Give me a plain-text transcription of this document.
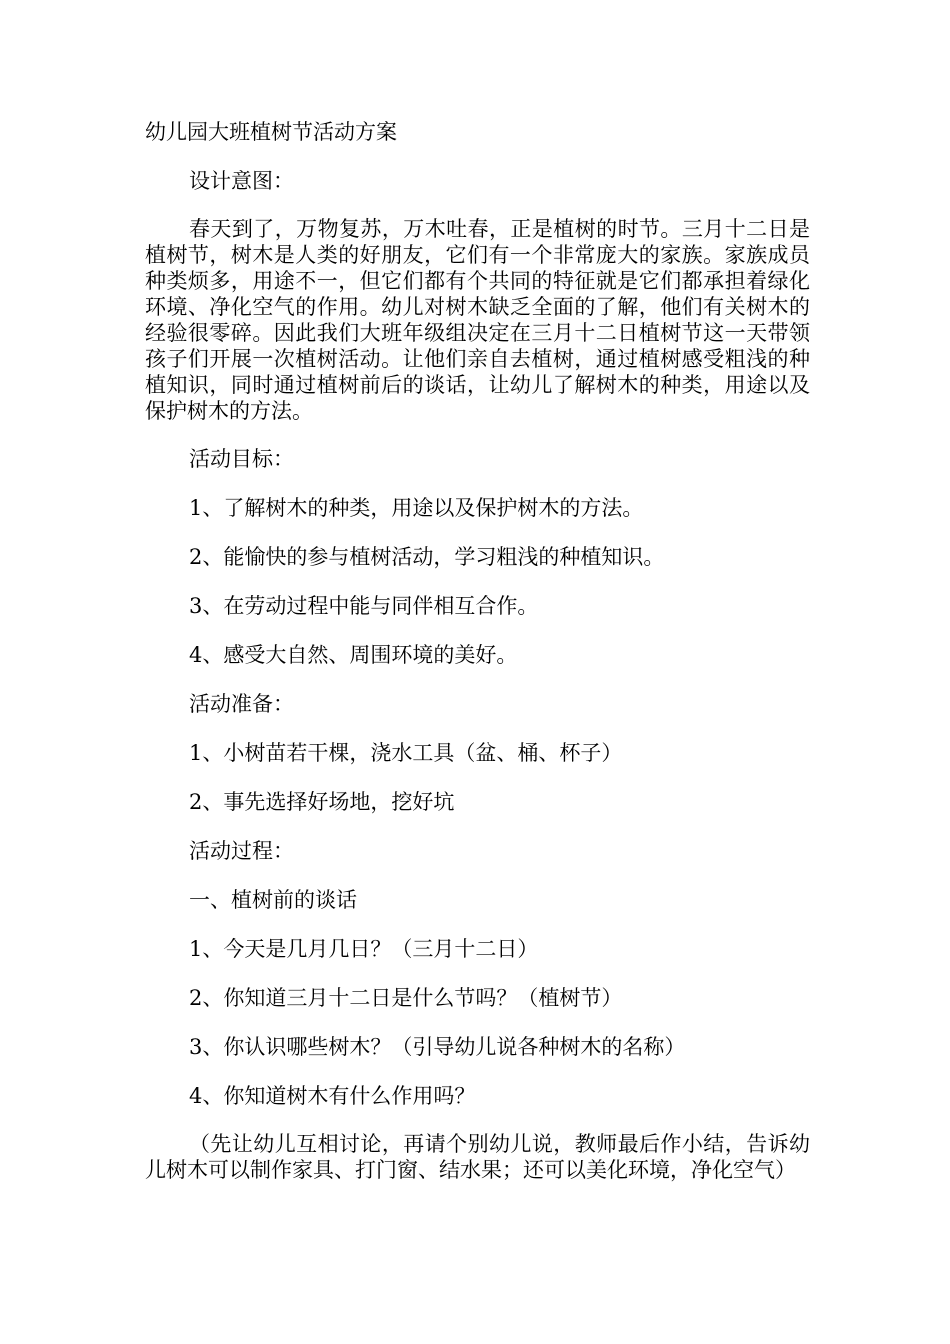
幼儿园大班植树节活动方案

设计意图：

春天到了，万物复苏，万木吐春，正是植树的时节。三月十二日是植树节，树木是人类的好朋友，它们有一个非常庞大的家族。家族成员种类烦多，用途不一，但它们都有个共同的特征就是它们都承担着绿化环境、净化空气的作用。幼儿对树木缺乏全面的了解，他们有关树木的经验很零碎。因此我们大班年级组决定在三月十二日植树节这一天带领孩子们开展一次植树活动。让他们亲自去植树，通过植树感受粗浅的种植知识，同时通过植树前后的谈话，让幼儿了解树木的种类，用途以及保护树木的方法。

活动目标：

1、了解树木的种类，用途以及保护树木的方法。

2、能愉快的参与植树活动，学习粗浅的种植知识。

3、在劳动过程中能与同伴相互合作。

4、感受大自然、周围环境的美好。

活动准备：

1、小树苗若干棵，浇水工具（盆、桶、杯子）

2、事先选择好场地，挖好坑

活动过程：

一、植树前的谈话

1、今天是几月几日？（三月十二日）

2、你知道三月十二日是什么节吗？（植树节）

3、你认识哪些树木？（引导幼儿说各种树木的名称）

4、你知道树木有什么作用吗？

（先让幼儿互相讨论，再请个别幼儿说，教师最后作小结，告诉幼儿树木可以制作家具、打门窗、结水果；还可以美化环境，净化空气）
